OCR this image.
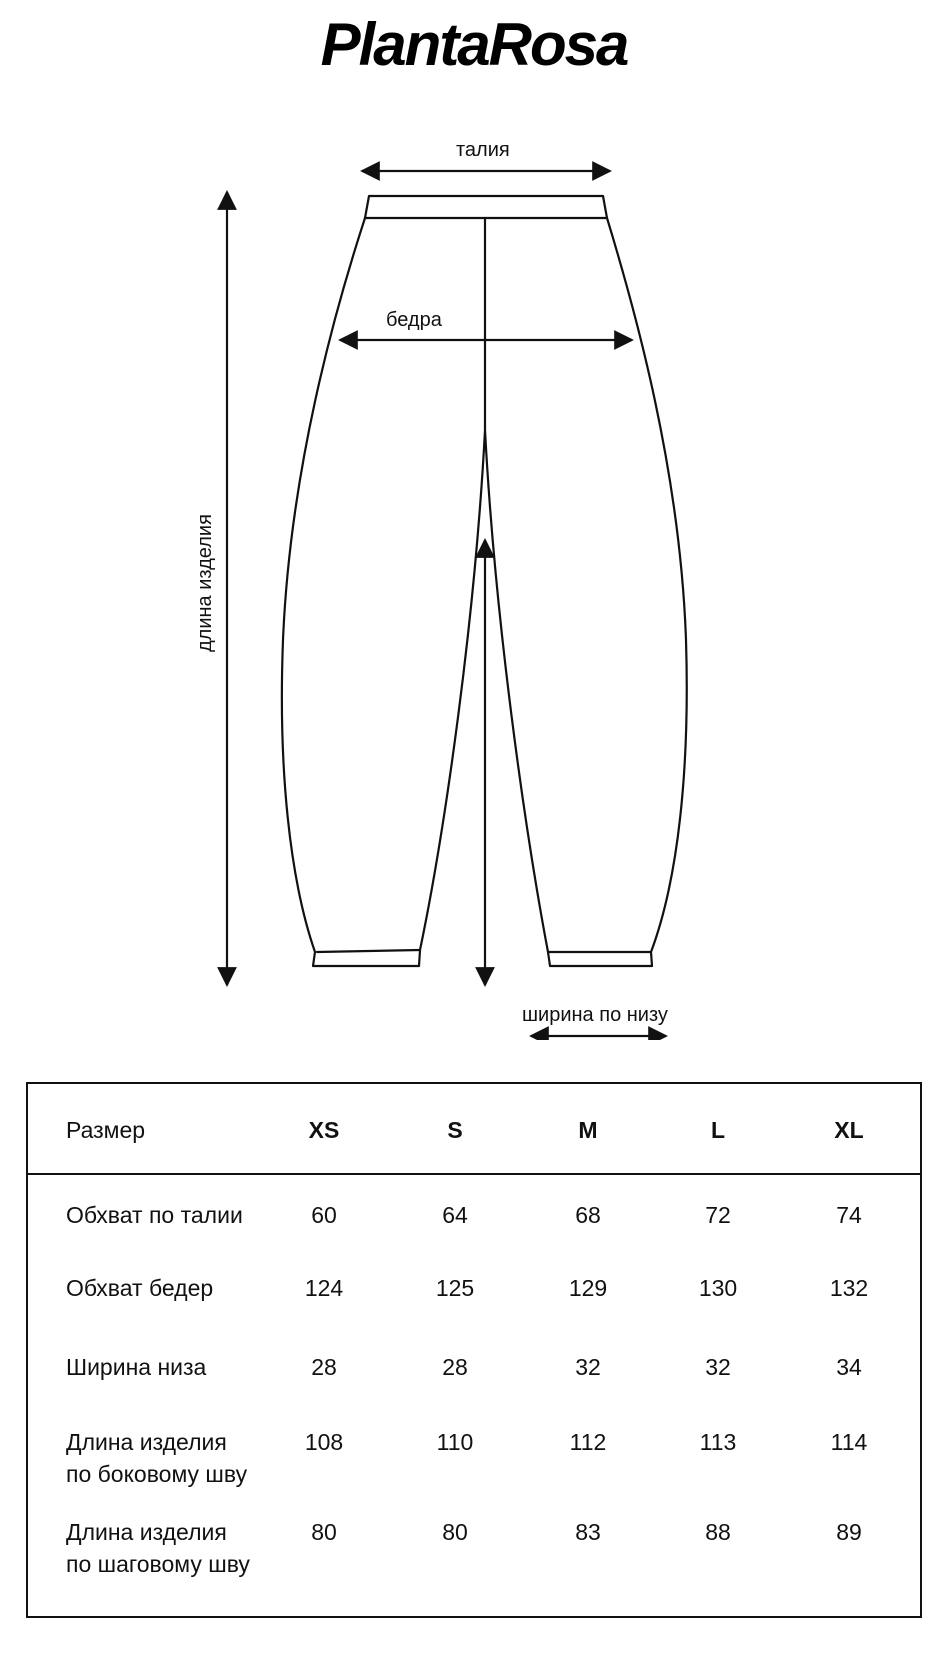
PlantaRosa
талия
бедра
длина изделия
ширина по низу
Размер	XS	S	M	L	XL
Обхват по талии	60	64	68	72	74
Обхват бедер	124	125	129	130	132
Ширина низа	28	28	32	32	34
Длина изделия
по боковому шву
108	110	112	113	114
Длина изделия
по шаговому шву
80	80	83	88	89
